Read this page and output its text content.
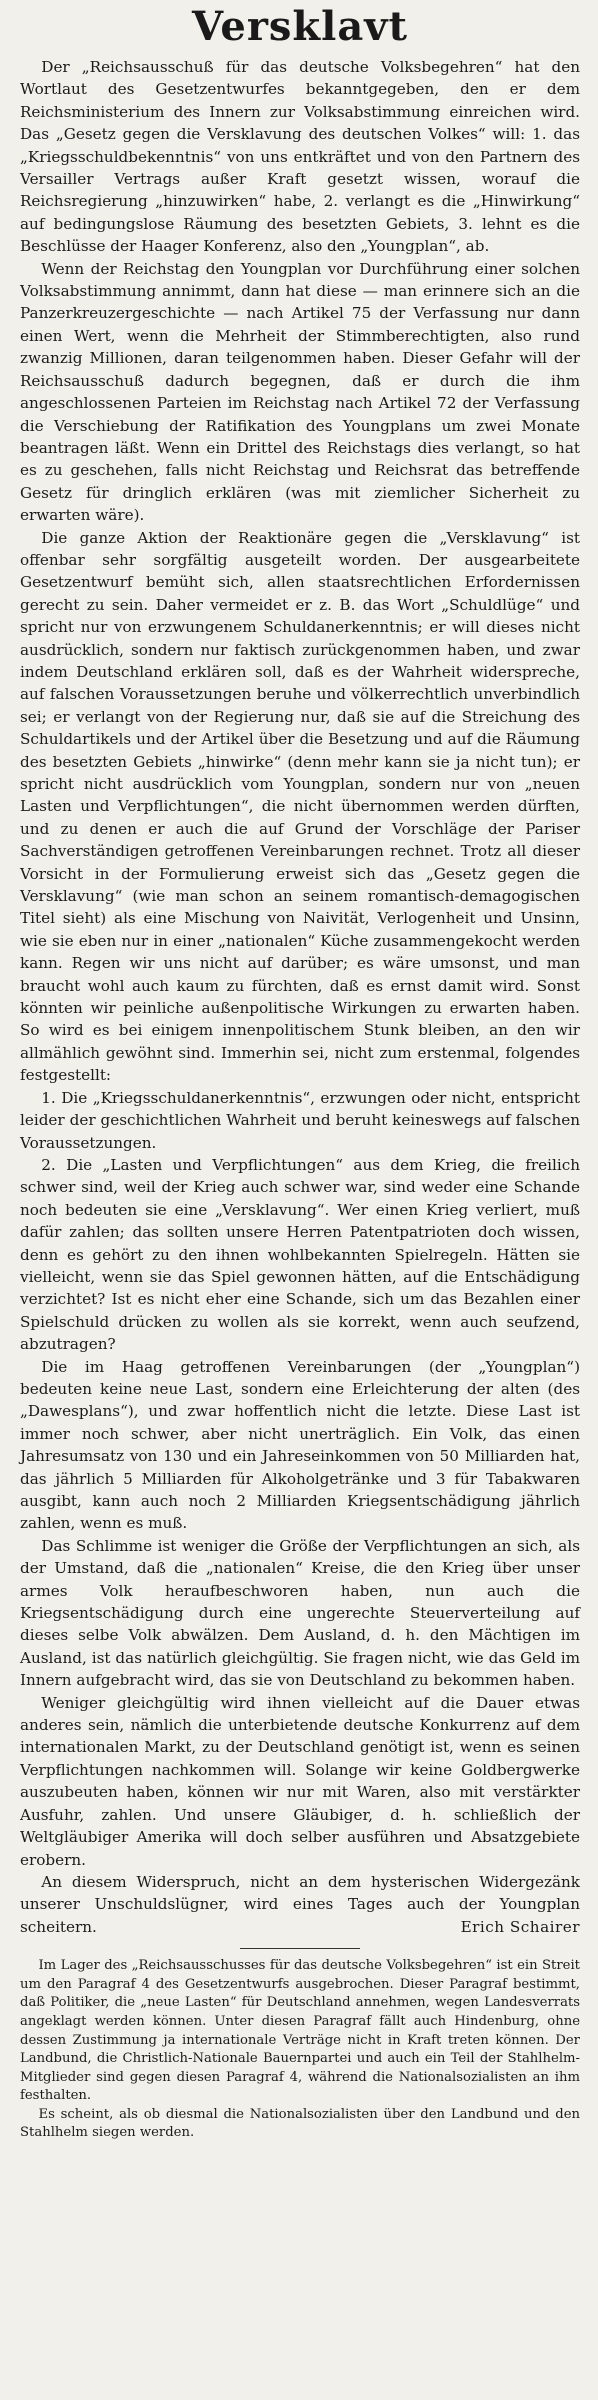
Versklavt

Der „Reichsausschuß für das deutsche Volksbegehren“ hat den Wortlaut des Gesetzentwurfes bekanntgegeben, den er dem Reichsministerium des Innern zur Volksabstimmung einreichen wird. Das „Gesetz gegen die Versklavung des deutschen Volkes“ will: 1. das „Kriegsschuldbekenntnis“ von uns entkräftet und von den Partnern des Versailler Vertrags außer Kraft gesetzt wissen, worauf die Reichsregierung „hinzuwirken“ habe, 2. verlangt es die „Hinwirkung“ auf bedingungslose Räumung des besetzten Gebiets, 3. lehnt es die Beschlüsse der Haager Konferenz, also den „Youngplan“, ab.

Wenn der Reichstag den Youngplan vor Durchführung einer solchen Volksabstimmung annimmt, dann hat diese — man erinnere sich an die Panzerkreuzergeschichte — nach Artikel 75 der Verfassung nur dann einen Wert, wenn die Mehrheit der Stimmberechtigten, also rund zwanzig Millionen, daran teilgenommen haben. Dieser Gefahr will der Reichsausschuß dadurch begegnen, daß er durch die ihm angeschlossenen Parteien im Reichstag nach Artikel 72 der Verfassung die Verschiebung der Ratifikation des Youngplans um zwei Monate beantragen läßt. Wenn ein Drittel des Reichstags dies verlangt, so hat es zu geschehen, falls nicht Reichstag und Reichsrat das betreffende Gesetz für dringlich erklären (was mit ziemlicher Sicherheit zu erwarten wäre).

Die ganze Aktion der Reaktionäre gegen die „Versklavung“ ist offenbar sehr sorgfältig ausgeteilt worden. Der ausgearbeitete Gesetzentwurf bemüht sich, allen staatsrechtlichen Erfordernissen gerecht zu sein. Daher vermeidet er z. B. das Wort „Schuldlüge“ und spricht nur von erzwungenem Schuldanerkenntnis; er will dieses nicht ausdrücklich, sondern nur faktisch zurückgenommen haben, und zwar indem Deutschland erklären soll, daß es der Wahrheit widerspreche, auf falschen Voraussetzungen beruhe und völkerrechtlich unverbindlich sei; er verlangt von der Regierung nur, daß sie auf die Streichung des Schuldartikels und der Artikel über die Besetzung und auf die Räumung des besetzten Gebiets „hinwirke“ (denn mehr kann sie ja nicht tun); er spricht nicht ausdrücklich vom Youngplan, sondern nur von „neuen Lasten und Verpflichtungen“, die nicht übernommen werden dürften, und zu denen er auch die auf Grund der Vorschläge der Pariser Sachverständigen getroffenen Vereinbarungen rechnet. Trotz all dieser Vorsicht in der Formulierung erweist sich das „Gesetz gegen die Versklavung“ (wie man schon an seinem romantisch-demagogischen Titel sieht) als eine Mischung von Naivität, Verlogenheit und Unsinn, wie sie eben nur in einer „nationalen“ Küche zusammengekocht werden kann. Regen wir uns nicht auf darüber; es wäre umsonst, und man braucht wohl auch kaum zu fürchten, daß es ernst damit wird. Sonst könnten wir peinliche außenpolitische Wirkungen zu erwarten haben. So wird es bei einigem innenpolitischem Stunk bleiben, an den wir allmählich gewöhnt sind. Immerhin sei, nicht zum erstenmal, folgendes festgestellt:

1. Die „Kriegsschuldanerkenntnis“, erzwungen oder nicht, entspricht leider der geschichtlichen Wahrheit und beruht keineswegs auf falschen Voraussetzungen.

2. Die „Lasten und Verpflichtungen“ aus dem Krieg, die freilich schwer sind, weil der Krieg auch schwer war, sind weder eine Schande noch bedeuten sie eine „Versklavung“. Wer einen Krieg verliert, muß dafür zahlen; das sollten unsere Herren Patentpatrioten doch wissen, denn es gehört zu den ihnen wohlbekannten Spielregeln. Hätten sie vielleicht, wenn sie das Spiel gewonnen hätten, auf die Entschädigung verzichtet? Ist es nicht eher eine Schande, sich um das Bezahlen einer Spielschuld drücken zu wollen als sie korrekt, wenn auch seufzend, abzutragen?

Die im Haag getroffenen Vereinbarungen (der „Youngplan“) bedeuten keine neue Last, sondern eine Erleichterung der alten (des „Dawesplans“), und zwar hoffentlich nicht die letzte. Diese Last ist immer noch schwer, aber nicht unerträglich. Ein Volk, das einen Jahresumsatz von 130 und ein Jahreseinkommen von 50 Milliarden hat, das jährlich 5 Milliarden für Alkoholgetränke und 3 für Tabakwaren ausgibt, kann auch noch 2 Milliarden Kriegsentschädigung jährlich zahlen, wenn es muß.

Das Schlimme ist weniger die Größe der Verpflichtungen an sich, als der Umstand, daß die „nationalen“ Kreise, die den Krieg über unser armes Volk heraufbeschworen haben, nun auch die Kriegsentschädigung durch eine ungerechte Steuerverteilung auf dieses selbe Volk abwälzen. Dem Ausland, d. h. den Mächtigen im Ausland, ist das natürlich gleichgültig. Sie fragen nicht, wie das Geld im Innern aufgebracht wird, das sie von Deutschland zu bekommen haben.

Weniger gleichgültig wird ihnen vielleicht auf die Dauer etwas anderes sein, nämlich die unterbietende deutsche Konkurrenz auf dem internationalen Markt, zu der Deutschland genötigt ist, wenn es seinen Verpflichtungen nachkommen will. Solange wir keine Goldbergwerke auszubeuten haben, können wir nur mit Waren, also mit verstärkter Ausfuhr, zahlen. Und unsere Gläubiger, d. h. schließlich der Weltgläubiger Amerika will doch selber ausführen und Absatzgebiete erobern.

An diesem Widerspruch, nicht an dem hysterischen Widergezänk unserer Unschuldslügner, wird eines Tages auch der Youngplan scheitern.	Erich Schairer

Im Lager des „Reichsausschusses für das deutsche Volksbegehren“ ist ein Streit um den Paragraf 4 des Gesetzentwurfs ausgebrochen. Dieser Paragraf bestimmt, daß Politiker, die „neue Lasten“ für Deutschland annehmen, wegen Landesverrats angeklagt werden können. Unter diesen Paragraf fällt auch Hindenburg, ohne dessen Zustimmung ja internationale Verträge nicht in Kraft treten können. Der Landbund, die Christlich-Nationale Bauernpartei und auch ein Teil der Stahlhelm-Mitglieder sind gegen diesen Paragraf 4, während die Nationalsozialisten an ihm festhalten.

Es scheint, als ob diesmal die Nationalsozialisten über den Landbund und den Stahlhelm siegen werden.
